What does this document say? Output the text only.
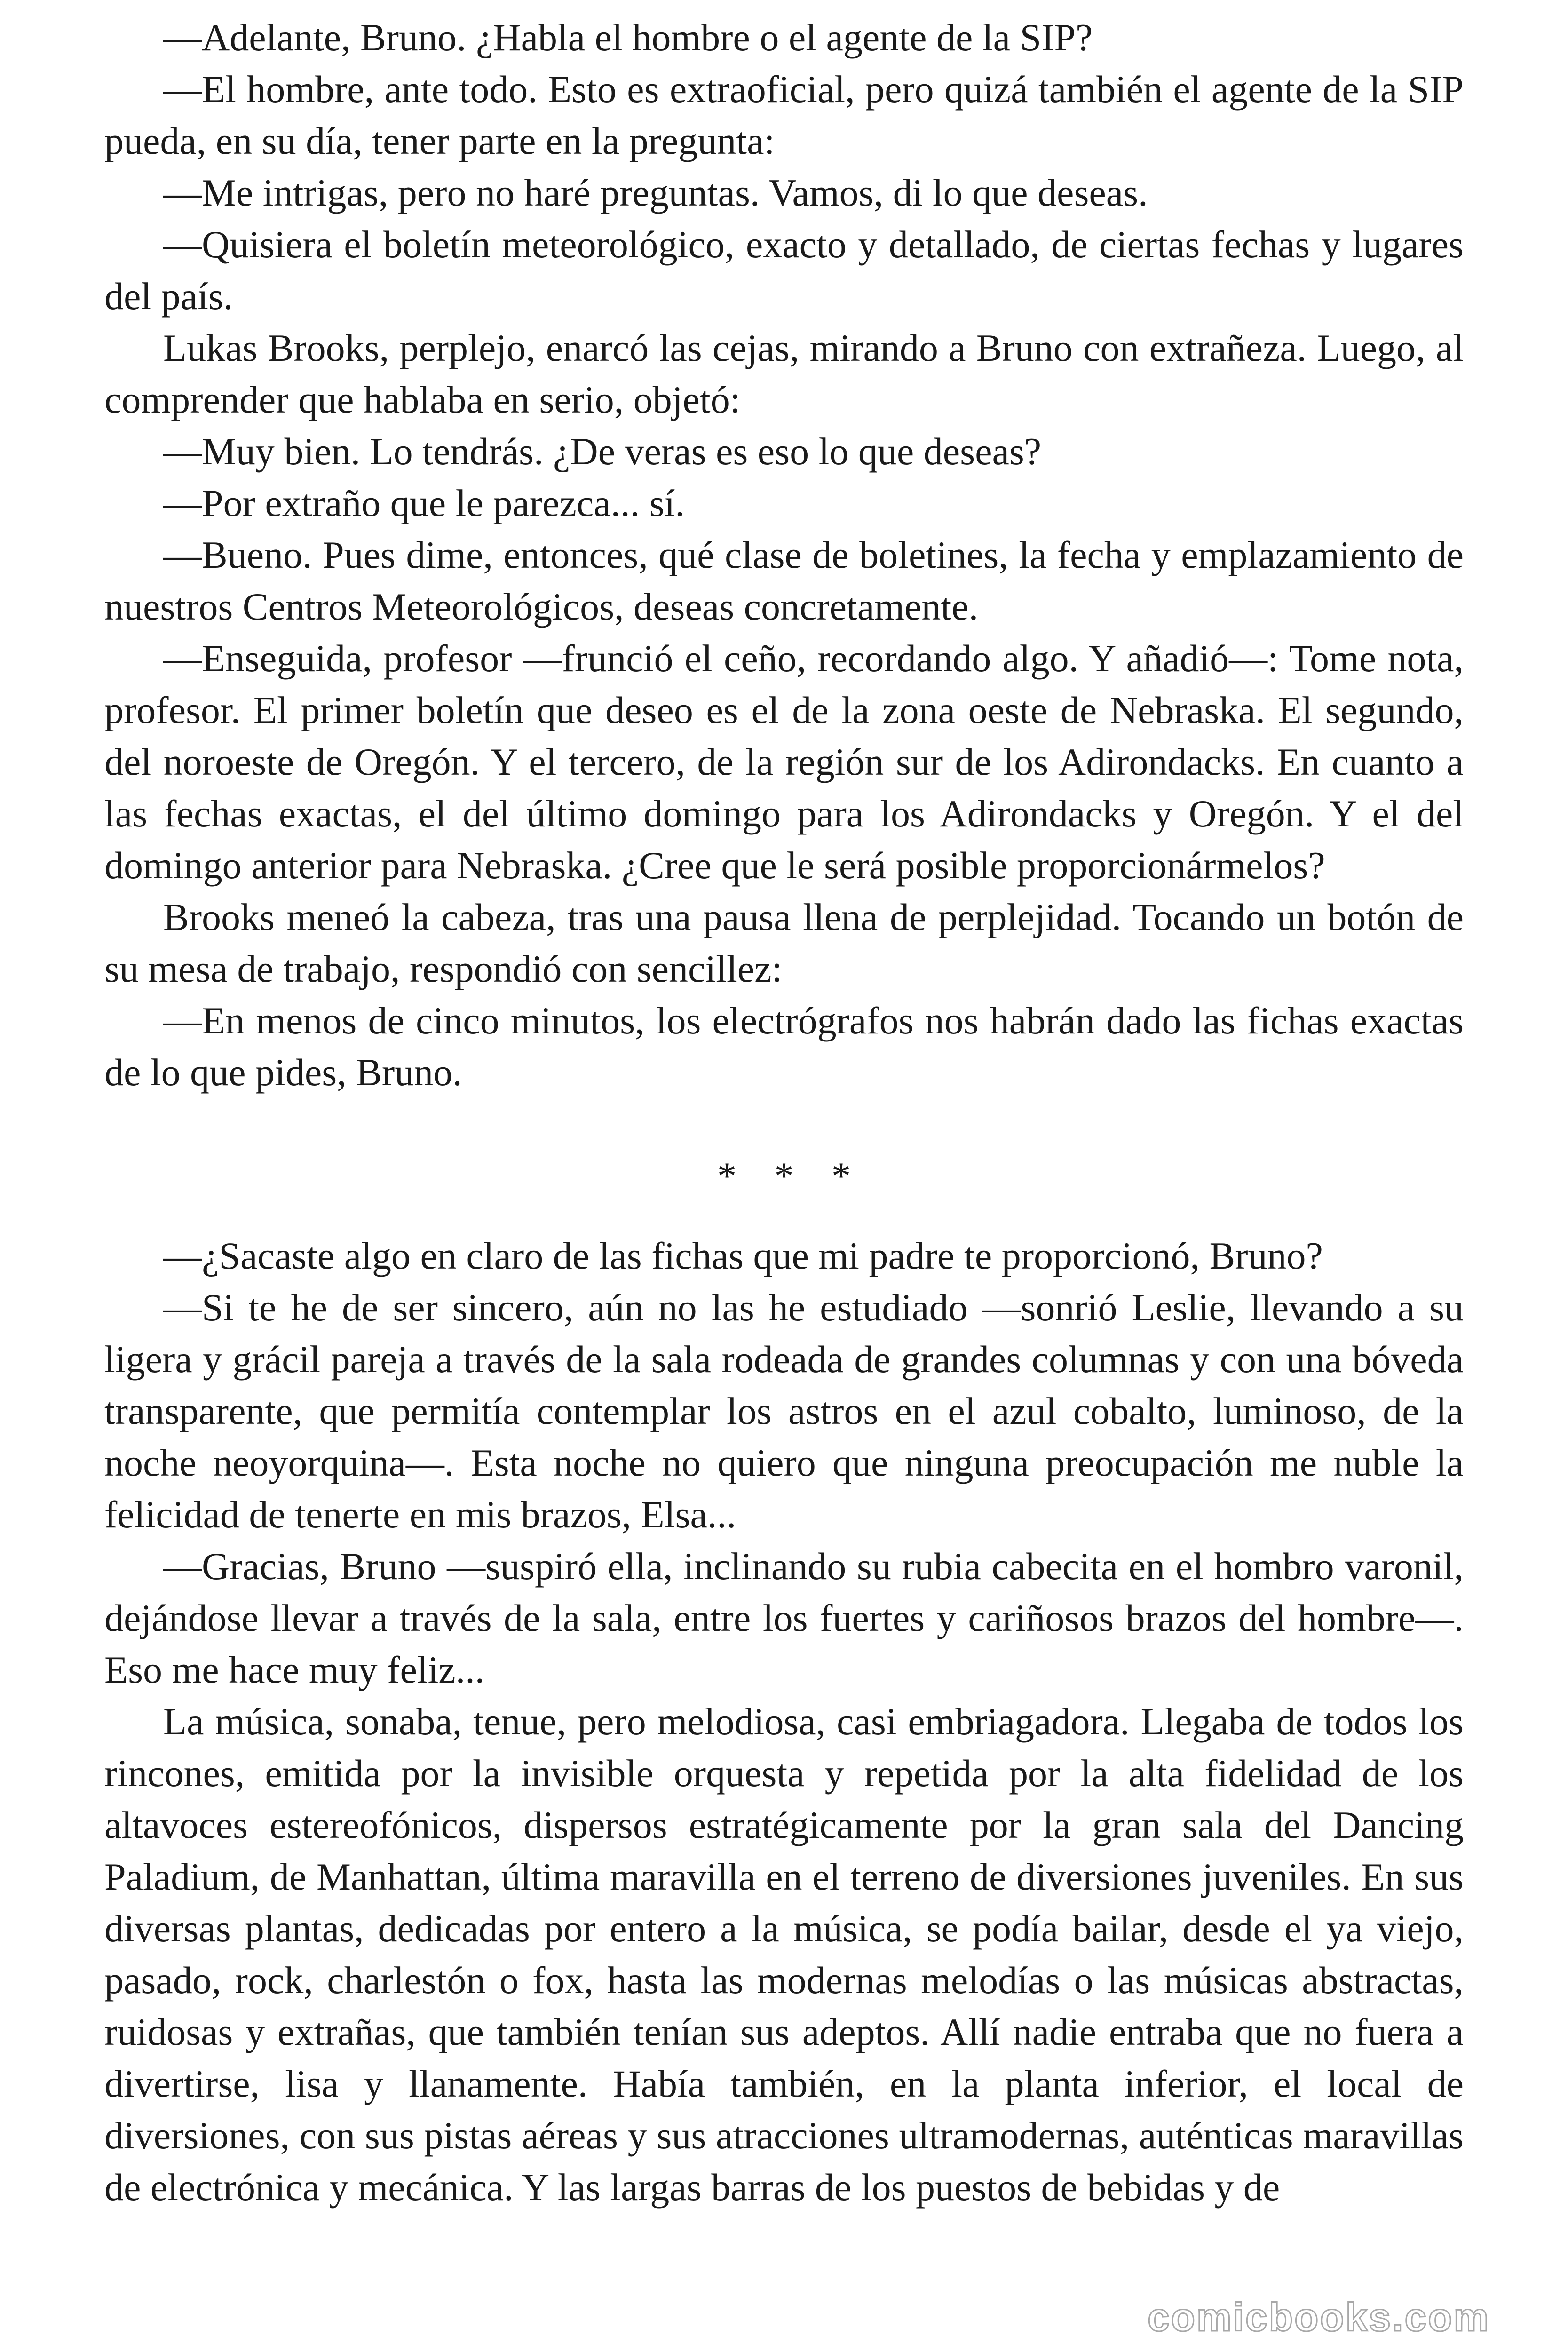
—Adelante, Bruno. ¿Habla el hombre o el agente de la SIP?

—El hombre, ante todo. Esto es extraoficial, pero quizá también el agente de la SIP pueda, en su día, tener parte en la pregunta:

—Me intrigas, pero no haré preguntas. Vamos, di lo que deseas.

—Quisiera el boletín meteorológico, exacto y detallado, de ciertas fechas y lugares del país.

Lukas Brooks, perplejo, enarcó las cejas, mirando a Bruno con extrañeza. Luego, al comprender que hablaba en serio, objetó:

—Muy bien. Lo tendrás. ¿De veras es eso lo que deseas?

—Por extraño que le parezca... sí.

—Bueno. Pues dime, entonces, qué clase de boletines, la fecha y emplazamiento de nuestros Centros Meteorológicos, deseas concretamente.

—Enseguida, profesor —frunció el ceño, recordando algo. Y añadió—: Tome nota, profesor. El primer boletín que deseo es el de la zona oeste de Nebraska. El segundo, del noroeste de Oregón. Y el tercero, de la región sur de los Adirondacks. En cuanto a las fechas exactas, el del último domingo para los Adirondacks y Oregón. Y el del domingo anterior para Nebraska. ¿Cree que le será posible proporcionármelos?

Brooks meneó la cabeza, tras una pausa llena de perplejidad. Tocando un botón de su mesa de trabajo, respondió con sencillez:

—En menos de cinco minutos, los electrógrafos nos habrán dado las fichas exactas de lo que pides, Bruno.

* * *

—¿Sacaste algo en claro de las fichas que mi padre te proporcionó, Bruno?

—Si te he de ser sincero, aún no las he estudiado —sonrió Leslie, llevando a su ligera y grácil pareja a través de la sala rodeada de grandes columnas y con una bóveda transparente, que permitía contemplar los astros en el azul cobalto, luminoso, de la noche neoyorquina—. Esta noche no quiero que ninguna preocupación me nuble la felicidad de tenerte en mis brazos, Elsa...

—Gracias, Bruno —suspiró ella, inclinando su rubia cabecita en el hombro varonil, dejándose llevar a través de la sala, entre los fuertes y cariñosos brazos del hombre—. Eso me hace muy feliz...

La música, sonaba, tenue, pero melodiosa, casi embriagadora. Llegaba de todos los rincones, emitida por la invisible orquesta y repetida por la alta fidelidad de los altavoces estereofónicos, dispersos estratégicamente por la gran sala del Dancing Paladium, de Manhattan, última maravilla en el terreno de diversiones juveniles. En sus diversas plantas, dedicadas por entero a la música, se podía bailar, desde el ya viejo, pasado, rock, charlestón o fox, hasta las modernas melodías o las músicas abstractas, ruidosas y extrañas, que también tenían sus adeptos. Allí nadie entraba que no fuera a divertirse, lisa y llanamente. Había también, en la planta inferior, el local de diversiones, con sus pistas aéreas y sus atracciones ultramodernas, auténticas maravillas de electrónica y mecánica. Y las largas barras de los puestos de bebidas y de

comicbooks.com
